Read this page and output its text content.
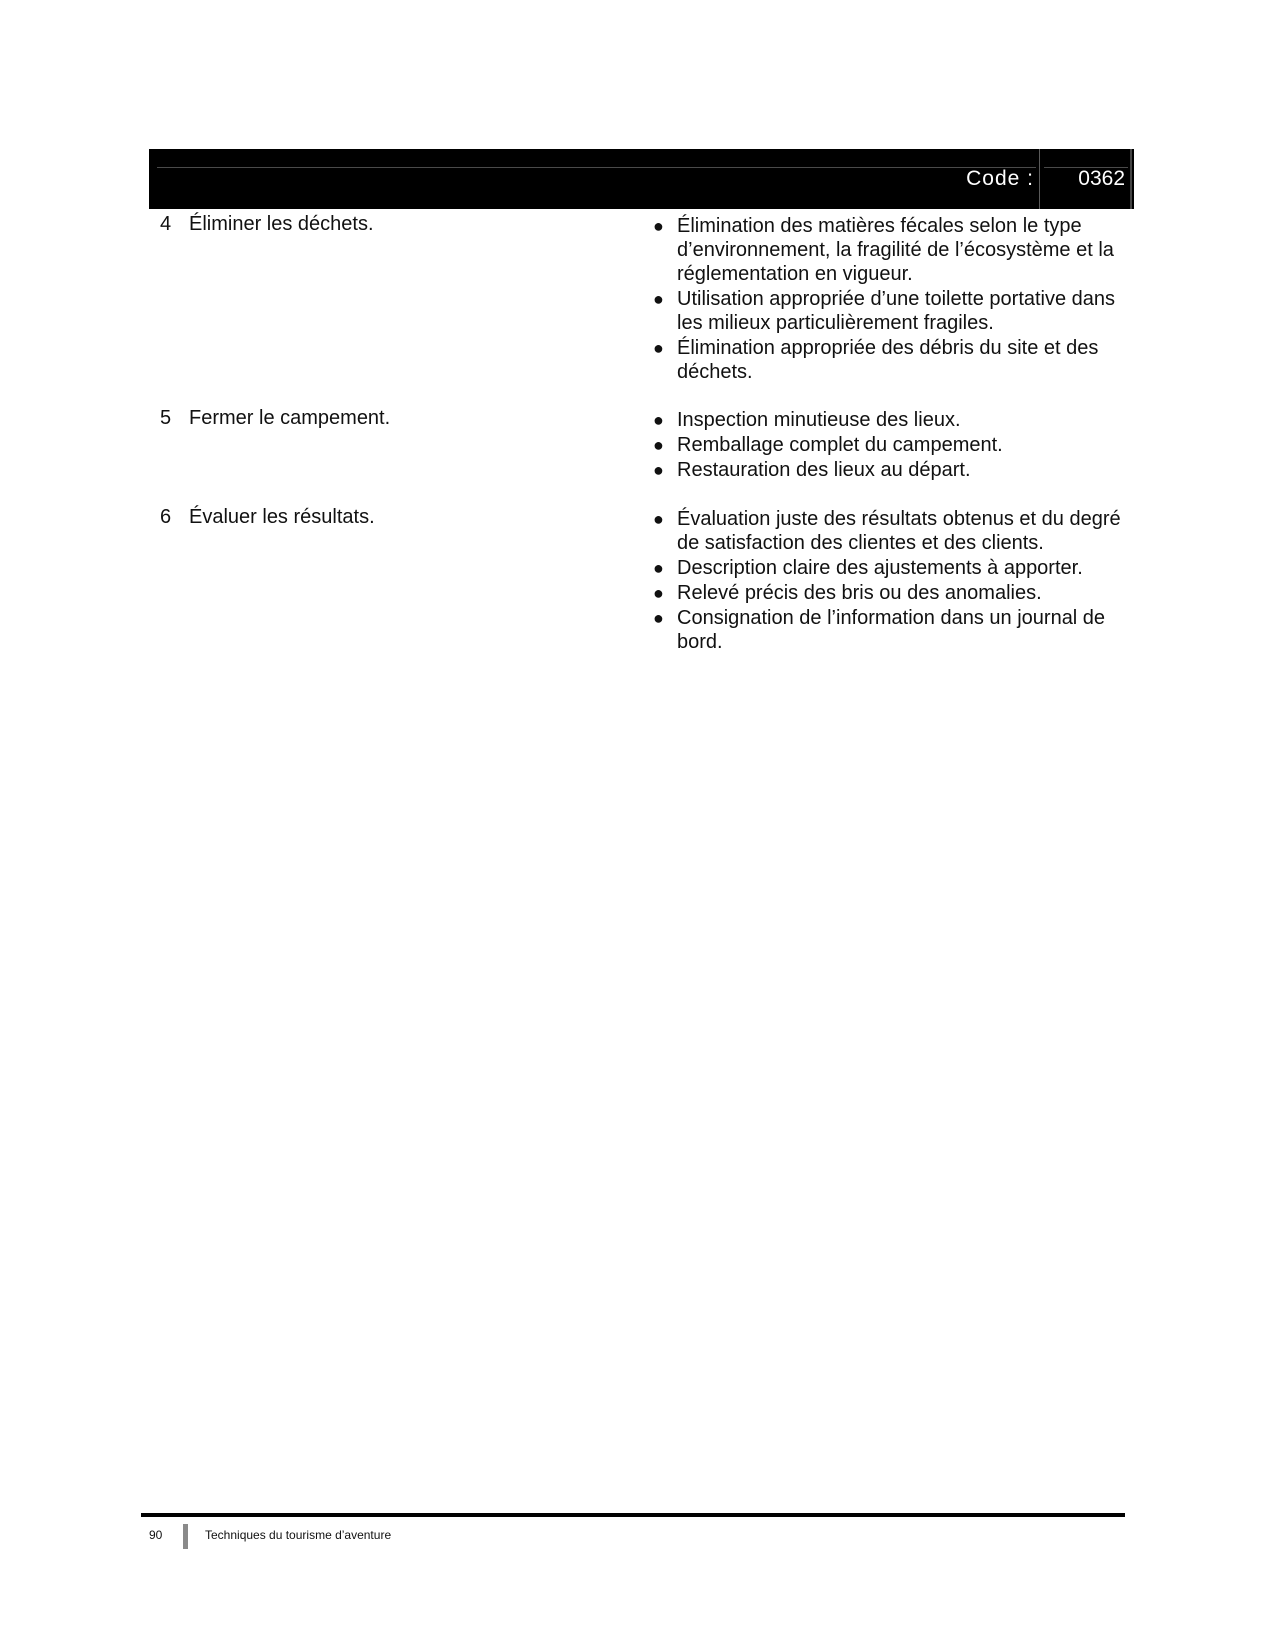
Code : 0362
4 Éliminer les déchets.	● Élimination des matières fécales selon le type d’environnement, la fragilité de l’écosystème et la réglementation en vigueur.
● Utilisation appropriée d’une toilette portative dans les milieux particulièrement fragiles.
● Élimination appropriée des débris du site et des déchets.
5 Fermer le campement.	● Inspection minutieuse des lieux.
● Remballage complet du campement.
● Restauration des lieux au départ.
6 Évaluer les résultats.	● Évaluation juste des résultats obtenus et du degré de satisfaction des clientes et des clients.
● Description claire des ajustements à apporter.
● Relevé précis des bris ou des anomalies.
● Consignation de l’information dans un journal de bord.
90	Techniques du tourisme d’aventure
